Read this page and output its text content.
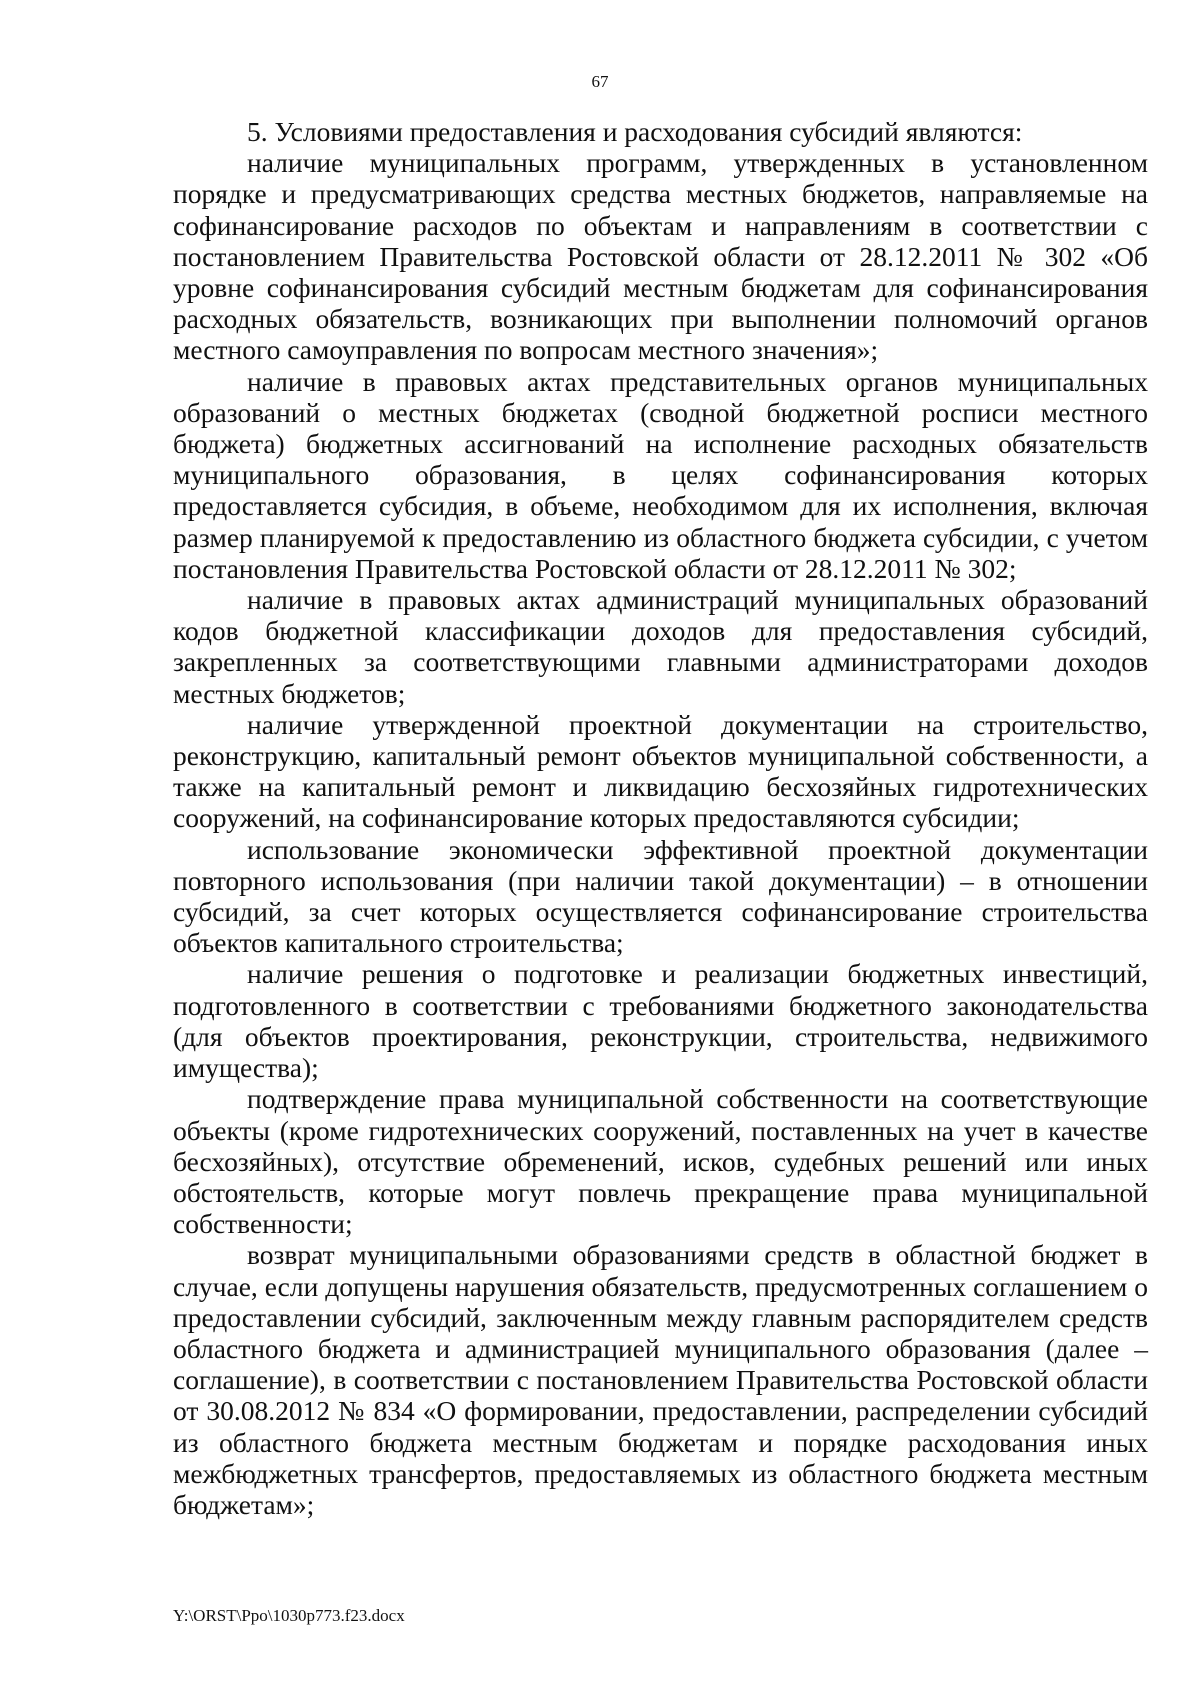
67

5. Условиями предоставления и расходования субсидий являются:

наличие муниципальных программ, утвержденных в установленном порядке и предусматривающих средства местных бюджетов, направляемые на софинансирование расходов по объектам и направлениям в соответствии с постановлением Правительства Ростовской области от 28.12.2011 № 302 «Об уровне софинансирования субсидий местным бюджетам для софинансирования расходных обязательств, возникающих при выполнении полномочий органов местного самоуправления по вопросам местного значения»;

наличие в правовых актах представительных органов муниципальных образований о местных бюджетах (сводной бюджетной росписи местного бюджета) бюджетных ассигнований на исполнение расходных обязательств муниципального образования, в целях софинансирования которых предоставляется субсидия, в объеме, необходимом для их исполнения, включая размер планируемой к предоставлению из областного бюджета субсидии, с учетом постановления Правительства Ростовской области от 28.12.2011 № 302;

наличие в правовых актах администраций муниципальных образований кодов бюджетной классификации доходов для предоставления субсидий, закрепленных за соответствующими главными администраторами доходов местных бюджетов;

наличие утвержденной проектной документации на строительство, реконструкцию, капитальный ремонт объектов муниципальной собственности, а также на капитальный ремонт и ликвидацию бесхозяйных гидротехнических сооружений, на софинансирование которых предоставляются субсидии;

использование экономически эффективной проектной документации повторного использования (при наличии такой документации) – в отношении субсидий, за счет которых осуществляется софинансирование строительства объектов капитального строительства;

наличие решения о подготовке и реализации бюджетных инвестиций, подготовленного в соответствии с требованиями бюджетного законодательства (для объектов проектирования, реконструкции, строительства, недвижимого имущества);

подтверждение права муниципальной собственности на соответствующие объекты (кроме гидротехнических сооружений, поставленных на учет в качестве бесхозяйных), отсутствие обременений, исков, судебных решений или иных обстоятельств, которые могут повлечь прекращение права муниципальной собственности;

возврат муниципальными образованиями средств в областной бюджет в случае, если допущены нарушения обязательств, предусмотренных соглашением о предоставлении субсидий, заключенным между главным распорядителем средств областного бюджета и администрацией муниципального образования (далее – соглашение), в соответствии с постановлением Правительства Ростовской области от 30.08.2012 № 834 «О формировании, предоставлении, распределении субсидий из областного бюджета местным бюджетам и порядке расходования иных межбюджетных трансфертов, предоставляемых из областного бюджета местным бюджетам»;

Y:\ORST\Ppo\1030p773.f23.docx
